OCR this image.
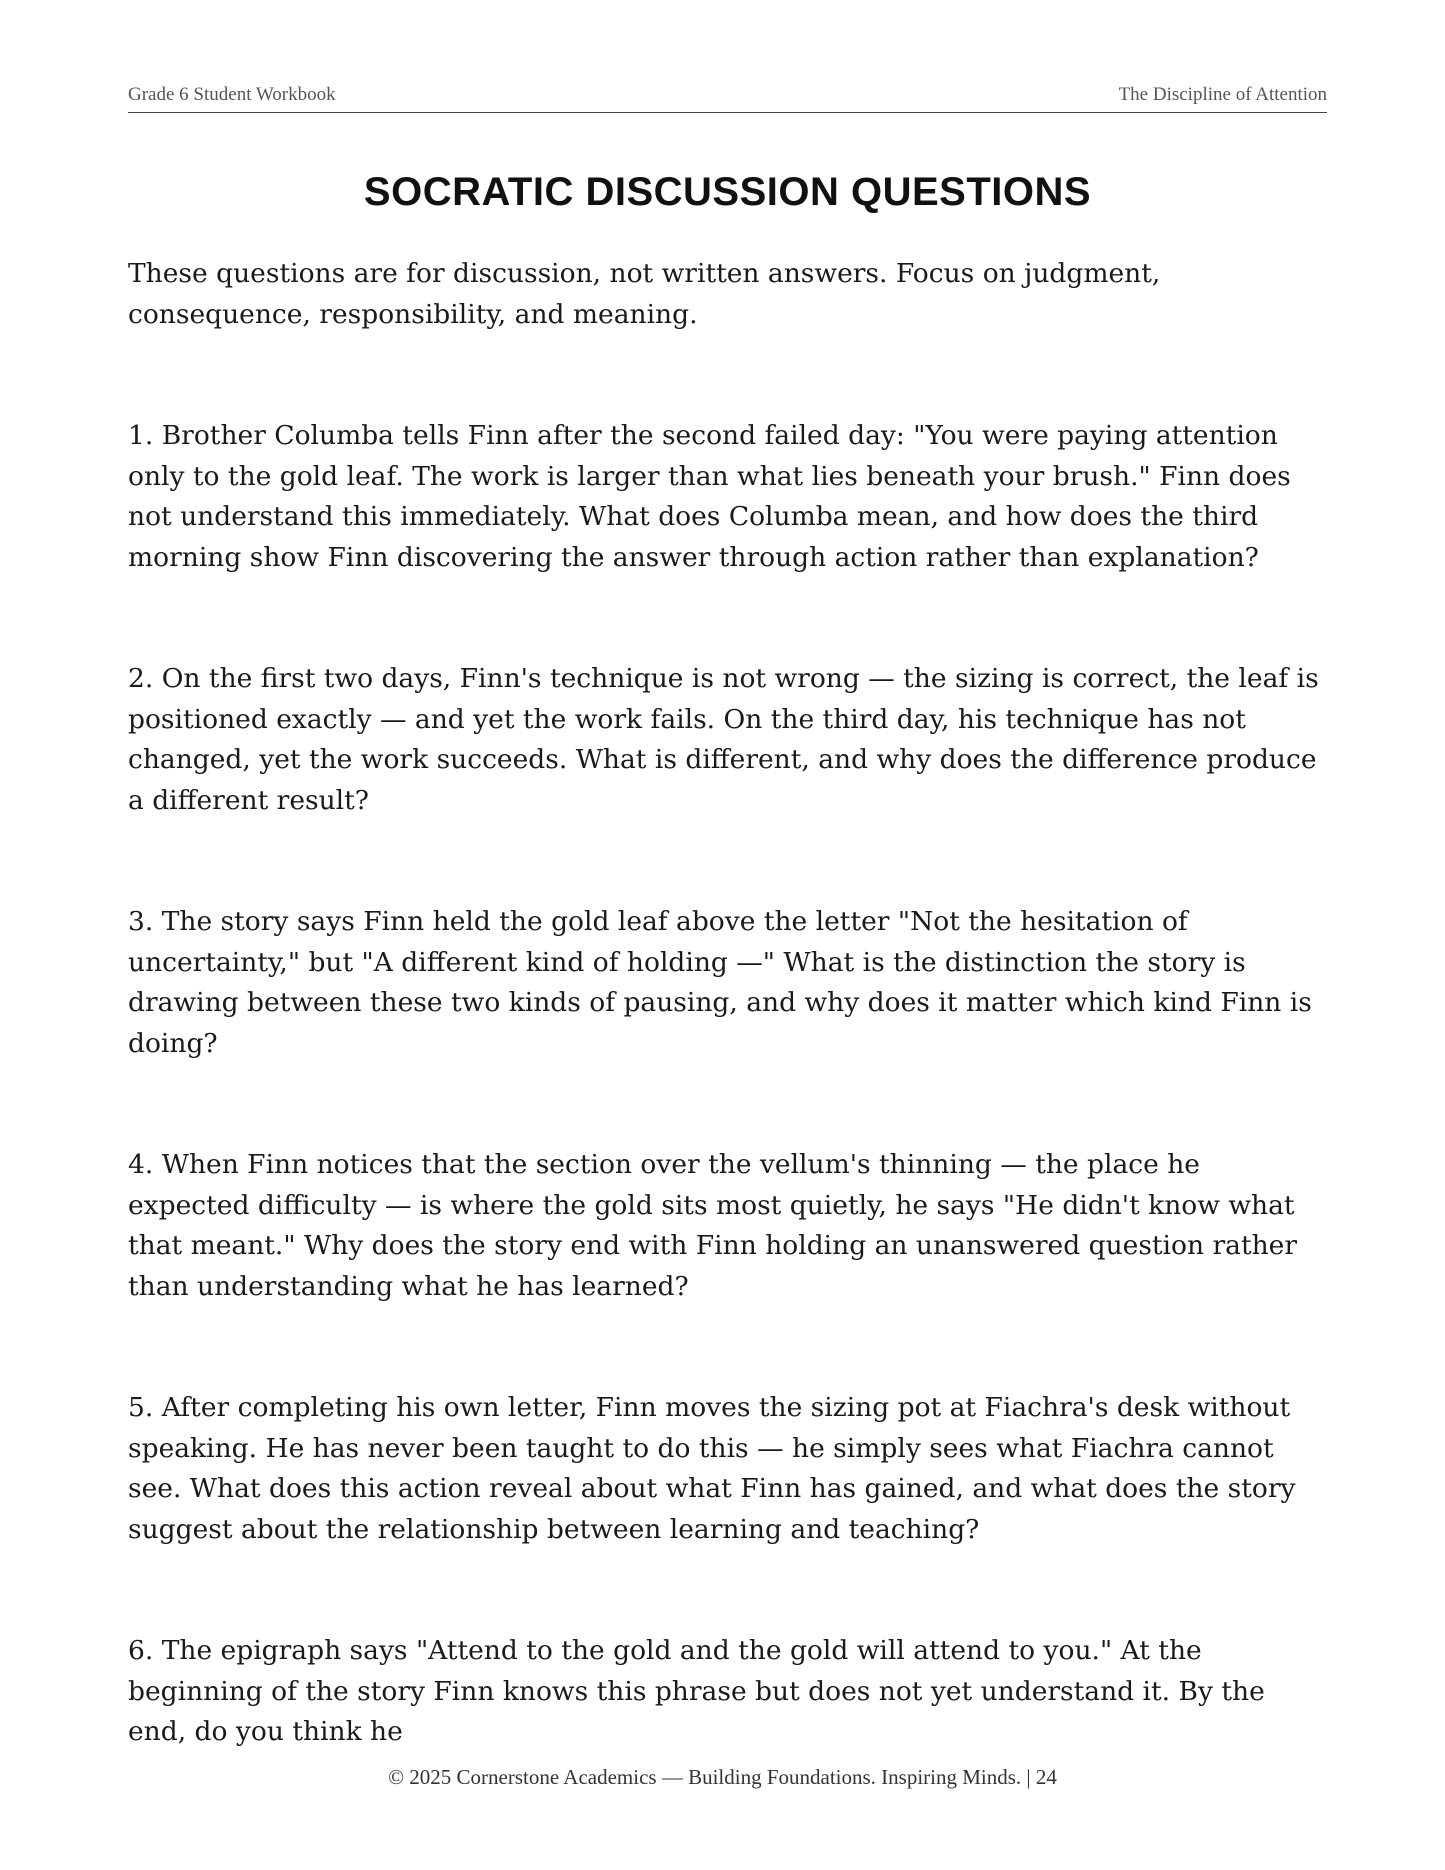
Grade 6 Student Workbook	The Discipline of Attention
SOCRATIC DISCUSSION QUESTIONS

These questions are for discussion, not written answers. Focus on judgment, consequence, responsibility, and meaning.

1. Brother Columba tells Finn after the second failed day: "You were paying attention only to the gold leaf. The work is larger than what lies beneath your brush." Finn does not understand this immediately. What does Columba mean, and how does the third morning show Finn discovering the answer through action rather than explanation?

2. On the first two days, Finn's technique is not wrong — the sizing is correct, the leaf is positioned exactly — and yet the work fails. On the third day, his technique has not changed, yet the work succeeds. What is different, and why does the difference produce a different result?

3. The story says Finn held the gold leaf above the letter "Not the hesitation of uncertainty," but "A different kind of holding —" What is the distinction the story is drawing between these two kinds of pausing, and why does it matter which kind Finn is doing?

4. When Finn notices that the section over the vellum's thinning — the place he expected difficulty — is where the gold sits most quietly, he says "He didn't know what that meant." Why does the story end with Finn holding an unanswered question rather than understanding what he has learned?

5. After completing his own letter, Finn moves the sizing pot at Fiachra's desk without speaking. He has never been taught to do this — he simply sees what Fiachra cannot see. What does this action reveal about what Finn has gained, and what does the story suggest about the relationship between learning and teaching?

6. The epigraph says "Attend to the gold and the gold will attend to you." At the beginning of the story Finn knows this phrase but does not yet understand it. By the end, do you think he

© 2025 Cornerstone Academics — Building Foundations. Inspiring Minds. | 24
